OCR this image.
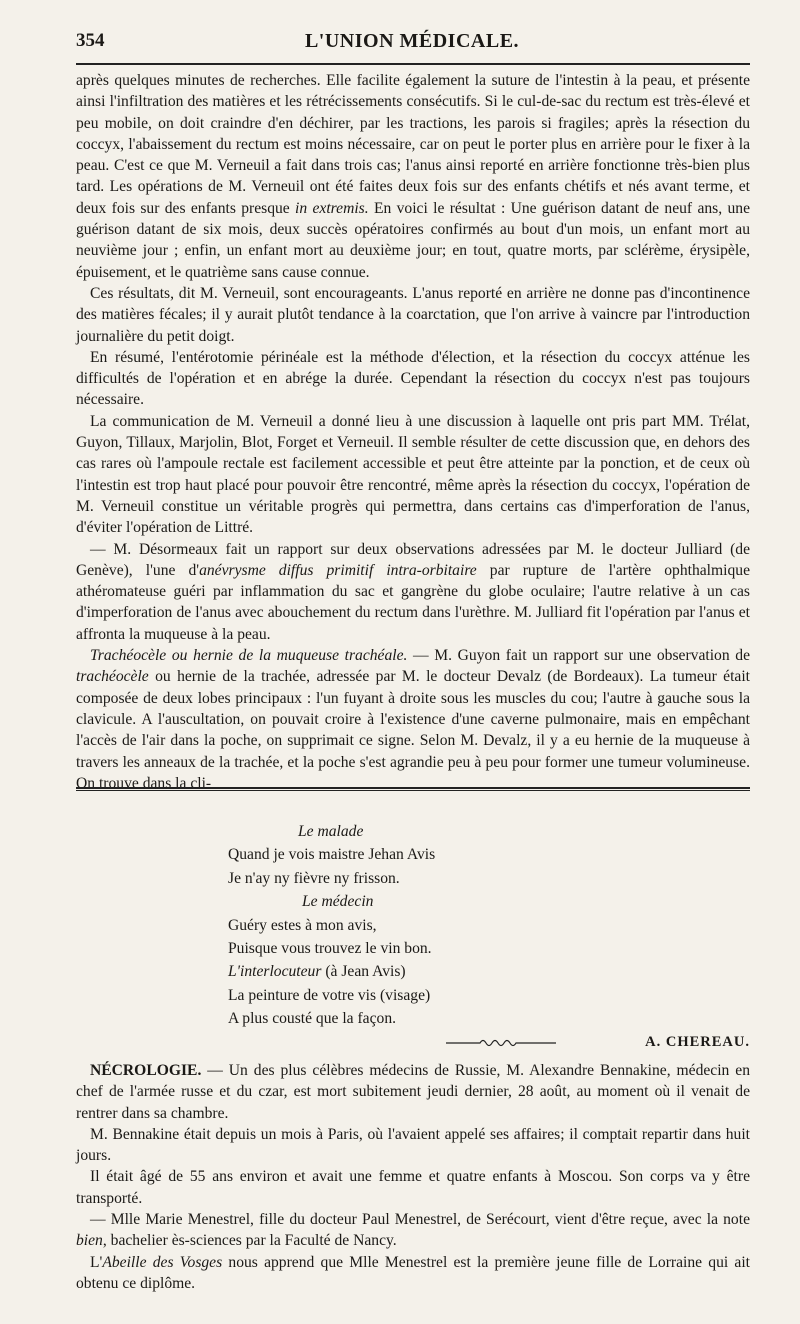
354	L'UNION MÉDICALE.

après quelques minutes de recherches. Elle facilite également la suture de l'intestin à la peau, et présente ainsi l'infiltration des matières et les rétrécissements consécutifs. Si le cul-de-sac du rectum est très-élevé et peu mobile, on doit craindre d'en déchirer, par les tractions, les parois si fragiles; après la résection du coccyx, l'abaissement du rectum est moins nécessaire, car on peut le porter plus en arrière pour le fixer à la peau. C'est ce que M. Verneuil a fait dans trois cas; l'anus ainsi reporté en arrière fonctionne très-bien plus tard. Les opérations de M. Verneuil ont été faites deux fois sur des enfants chétifs et nés avant terme, et deux fois sur des enfants presque in extremis. En voici le résultat : Une guérison datant de neuf ans, une guérison datant de six mois, deux succès opératoires confirmés au bout d'un mois, un enfant mort au neuvième jour ; enfin, un enfant mort au deuxième jour; en tout, quatre morts, par sclérème, érysipèle, épuisement, et le quatrième sans cause connue.

Ces résultats, dit M. Verneuil, sont encourageants. L'anus reporté en arrière ne donne pas d'incontinence des matières fécales; il y aurait plutôt tendance à la coarctation, que l'on arrive à vaincre par l'introduction journalière du petit doigt.

En résumé, l'entérotomie périnéale est la méthode d'élection, et la résection du coccyx atténue les difficultés de l'opération et en abrége la durée. Cependant la résection du coccyx n'est pas toujours nécessaire.

La communication de M. Verneuil a donné lieu à une discussion à laquelle ont pris part MM. Trélat, Guyon, Tillaux, Marjolin, Blot, Forget et Verneuil. Il semble résulter de cette discussion que, en dehors des cas rares où l'ampoule rectale est facilement accessible et peut être atteinte par la ponction, et de ceux où l'intestin est trop haut placé pour pouvoir être rencontré, même après la résection du coccyx, l'opération de M. Verneuil constitue un véritable progrès qui permettra, dans certains cas d'imperforation de l'anus, d'éviter l'opération de Littré.

— M. Désormeaux fait un rapport sur deux observations adressées par M. le docteur Julliard (de Genève), l'une d'anévrysme diffus primitif intra-orbitaire par rupture de l'artère ophthalmique athéromateuse guéri par inflammation du sac et gangrène du globe oculaire; l'autre relative à un cas d'imperforation de l'anus avec abouchement du rectum dans l'urèthre. M. Julliard fit l'opération par l'anus et affronta la muqueuse à la peau.

Trachéocèle ou hernie de la muqueuse trachéale. — M. Guyon fait un rapport sur une observation de trachéocèle ou hernie de la trachée, adressée par M. le docteur Devalz (de Bordeaux). La tumeur était composée de deux lobes principaux : l'un fuyant à droite sous les muscles du cou; l'autre à gauche sous la clavicule. A l'auscultation, on pouvait croire à l'existence d'une caverne pulmonaire, mais en empêchant l'accès de l'air dans la poche, on supprimait ce signe. Selon M. Devalz, il y a eu hernie de la muqueuse à travers les anneaux de la trachée, et la poche s'est agrandie peu à peu pour former une tumeur volumineuse. On trouve dans la cli-

Le malade
Quand je vois maistre Jehan Avis
Je n'ay ny fièvre ny frisson.
Le médecin
Guéry estes à mon avis,
Puisque vous trouvez le vin bon.
L'interlocuteur (à Jean Avis)
La peinture de votre vis (visage)
A plus cousté que la façon.
A. CHEREAU.

NÉCROLOGIE. — Un des plus célèbres médecins de Russie, M. Alexandre Bennakine, médecin en chef de l'armée russe et du czar, est mort subitement jeudi dernier, 28 août, au moment où il venait de rentrer dans sa chambre.

M. Bennakine était depuis un mois à Paris, où l'avaient appelé ses affaires; il comptait repartir dans huit jours.

Il était âgé de 55 ans environ et avait une femme et quatre enfants à Moscou. Son corps va y être transporté.

— Mlle Marie Menestrel, fille du docteur Paul Menestrel, de Serécourt, vient d'être reçue, avec la note bien, bachelier ès-sciences par la Faculté de Nancy.

L'Abeille des Vosges nous apprend que Mlle Menestrel est la première jeune fille de Lorraine qui ait obtenu ce diplôme.
